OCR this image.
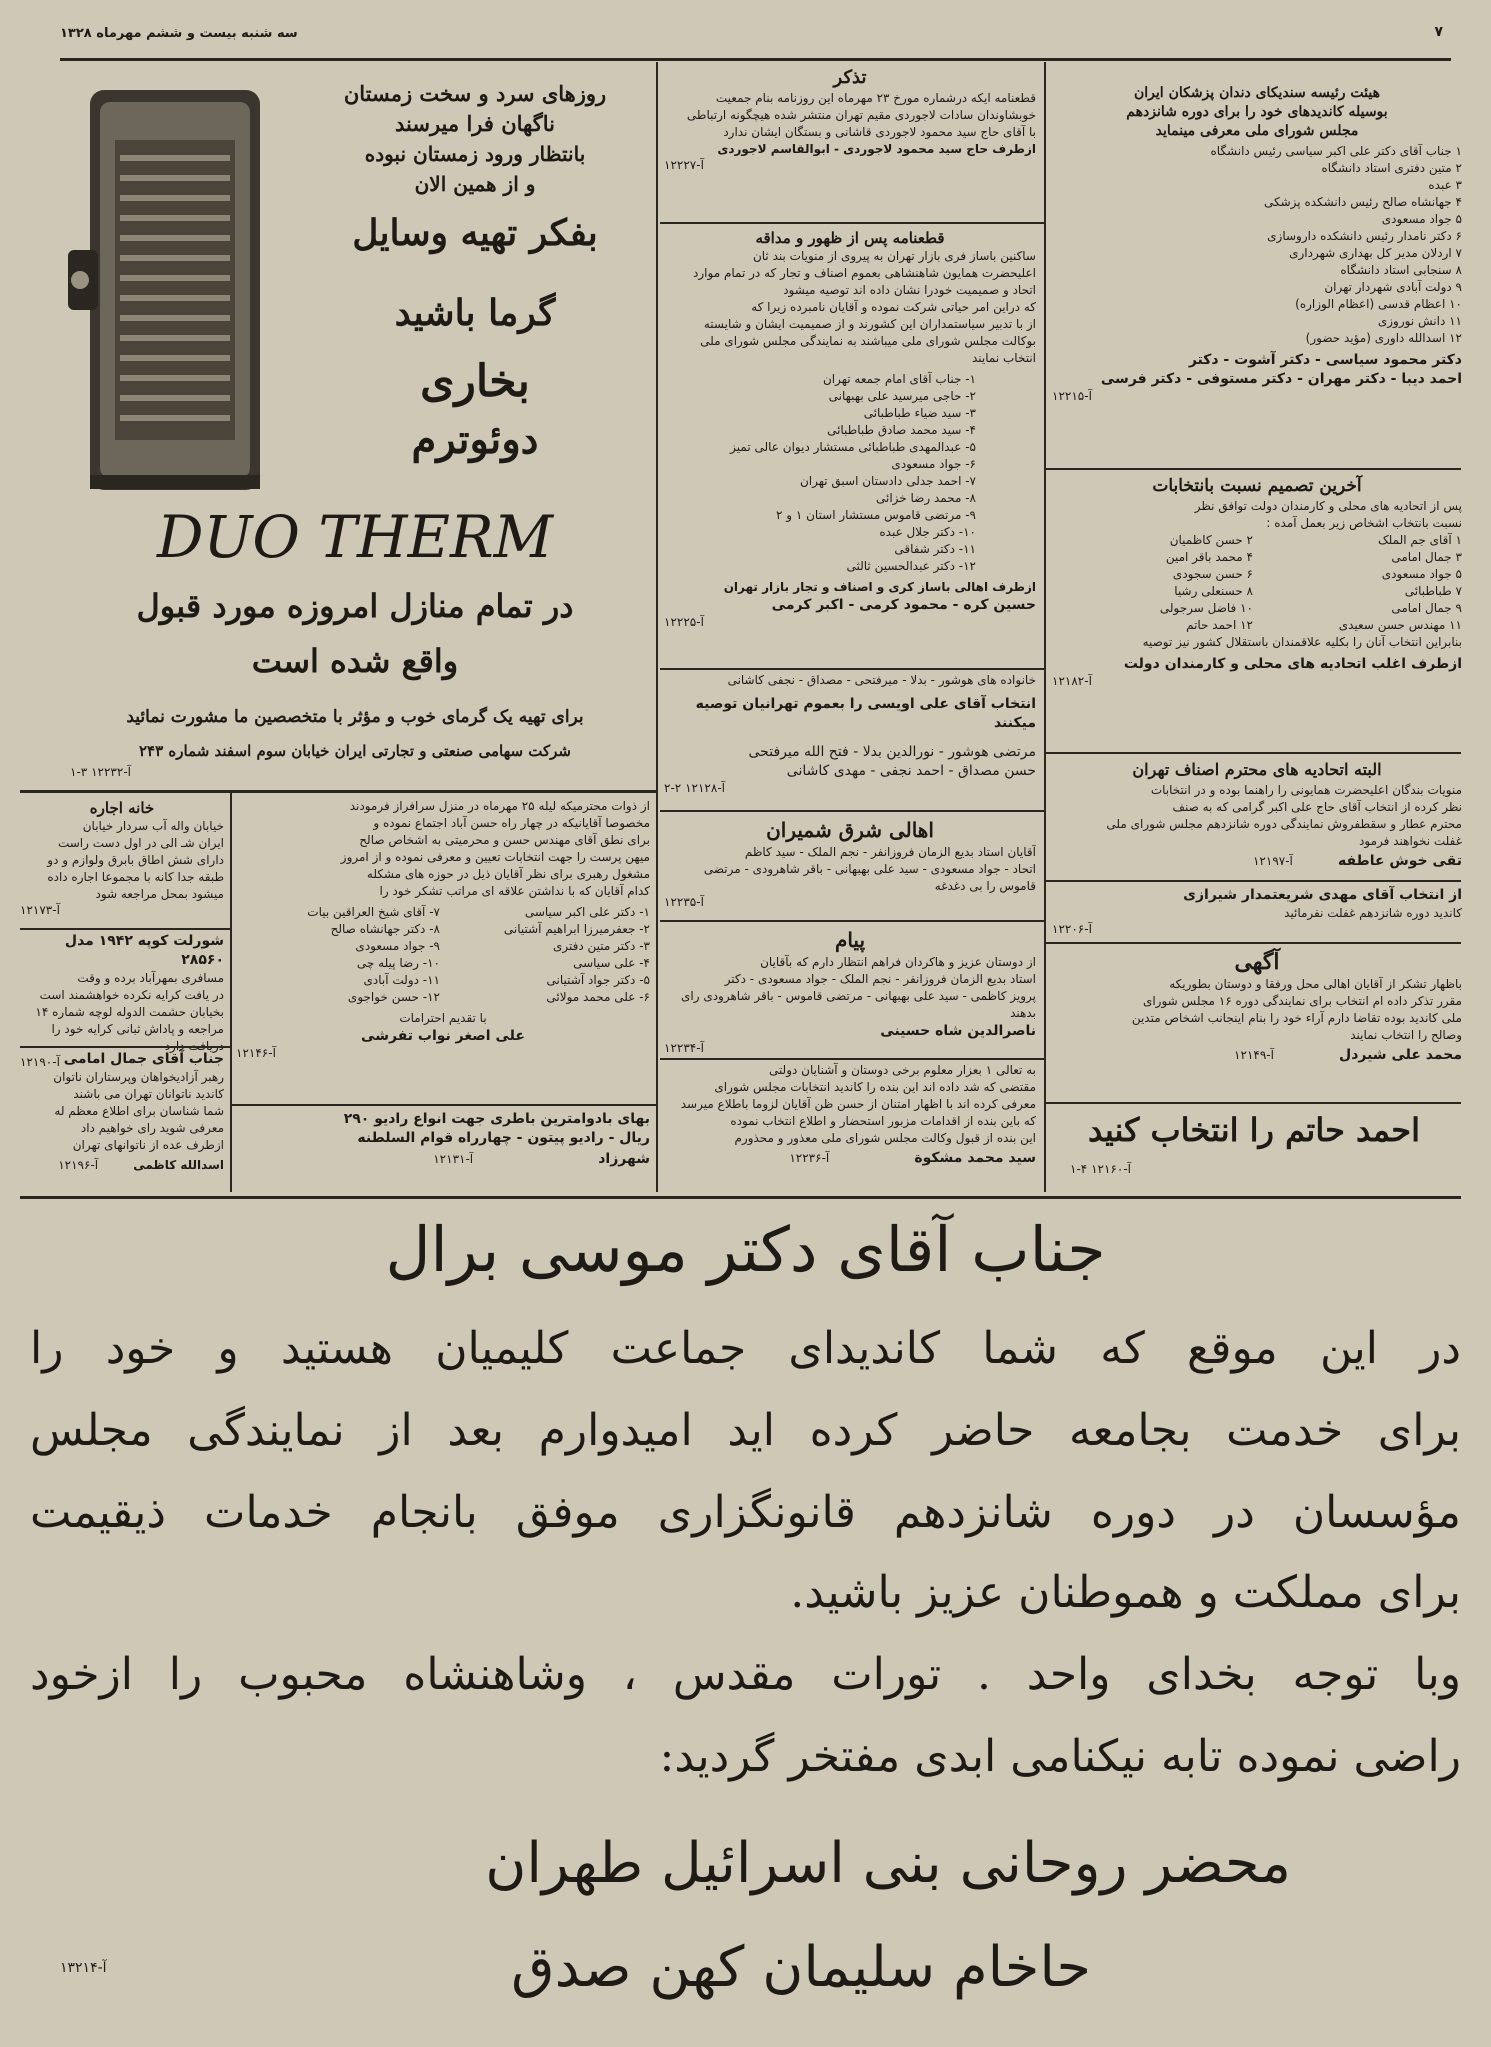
سه شنبه بیست و ششم مهرماه ۱۳۲۸	۷
روزهای سرد و سخت زمستان
ناگهان فرا میرسند
بانتظار ورود زمستان نبوده
و از همین الان
بفکر تهیه وسایل
گرما باشید
بخاری
دوئوترم
DUO THERM
در تمام منازل امروزه مورد قبول
واقع شده است
برای تهیه یک گرمای خوب و مؤثر با متخصصین ما مشورت نمائید
شرکت سهامی صنعتی و تجارتی ایران خیابان سوم اسفند شماره ۲۴۳
آ-۱۲۲۳۲ ۳-۱
تذکر
قطعنامه ایکه درشماره مورخ ۲۳ مهرماه این روزنامه بنام جمعیت
خوبشاوندان سادات لاجوردی مقیم تهران منتشر شده هیچگونه ارتباطی
با آقای حاج سید محمود لاجوردی قاشانی و بستگان ایشان ندارد
ازطرف حاج سید محمود لاجوردی - ابوالقاسم لاجوردی
آ-۱۲۲۲۷
قطعنامه پس از ظهور و مداقه
ساکنین باساز فری بازار تهران به پیروی از منویات بند ثان
اعلیحضرت همایون شاهنشاهی بعموم اصناف و تجار که در تمام موارد
اتحاد و صمیمیت خودرا نشان داده اند توصیه میشود
که دراین امر حیاتی شرکت نموده و آقایان نامبرده زیرا که
از با تدبیر سیاستمداران این کشورند و از صمیمیت ایشان و شایسته
بوکالت مجلس شورای ملی میباشند به نمایندگی مجلس شورای ملی
انتخاب نمایند
۱- جناب آقای امام جمعه تهران
۲- حاجی میرسید علی بهبهانی
۳- سید ضیاء طباطبائی
۴- سید محمد صادق طباطبائی
۵- عبدالمهدی طباطبائی مستشار دیوان عالی تمیز
۶- جواد مسعودی
۷- احمد جدلی دادستان اسبق تهران
۸- محمد رضا خزائی
۹- مرتضی قاموس مستشار استان ۱ و ۲
۱۰- دکتر جلال عبده
۱۱- دکتر شفاقی
۱۲- دکتر عبدالحسین ثالثی
ازطرف اهالی باساز کری و اصناف و تجار بازار تهران
حسین کره - محمود کرمی - اکبر کرمی
آ-۱۲۲۲۵
خانواده های هوشور - بدلا - میرفتحی - مصداق - نجفی کاشانی
انتخاب آقای علی اویسی را بعموم تهرانیان توصیه میکنند
مرتضی هوشور - نورالدین بدلا - فتح الله میرفتحی
حسن مصداق - احمد نجفی - مهدی کاشانی
آ-۱۲۱۲۸ ۲-۲
اهالی شرق شمیران
آقایان استاد بدیع الزمان فروزانفر - نجم الملک - سید کاظم
اتحاد - جواد مسعودی - سید علی بهبهانی - باقر شاهرودی - مرتضی
قاموس را بی دغدغه
آ-۱۲۲۳۵
پیام
از دوستان عزیز و هاکردان فراهم انتظار دارم که بآقایان
استاد بدیع الزمان فروزانفر - نجم الملک - جواد مسعودی - دکتر
پرویز کاظمی - سید علی بهبهانی - مرتضی قاموس - باقر شاهرودی رای
بدهند
ناصرالدین شاه حسینی
آ-۱۲۲۳۴
به تعالی ۱ بعزار معلوم برخی دوستان و آشنایان دولتی
مقتضی که شد داده اند این بنده را کاندید انتخابات مجلس شورای
معرفی کرده اند با اظهار امتنان از حسن ظن آقایان لزوما باطلاع میرسد
که باین بنده از اقدامات مزبور استحضار و اطلاع انتخاب نموده
این بنده از قبول وکالت مجلس شورای ملی معذور و محذورم
سید محمد مشکوة آ-۱۲۲۳۶
هیئت رئیسه سندیکای دندان پزشکان ایران
بوسیله کاندیدهای خود را برای دوره شانزدهم
مجلس شورای ملی معرفی مینماید
۱ جناب آقای دکتر علی اکبر سیاسی رئیس دانشگاه
۲ متین دفتری استاد دانشگاه
۳ عبده
۴ جهانشاه صالح رئیس دانشکده پزشکی
۵ جواد مسعودی
۶ دکتر نامدار رئیس دانشکده داروسازی
۷ اردلان مدیر کل بهداری شهرداری
۸ سنجابی استاد دانشگاه
۹ دولت آبادی شهردار تهران
۱۰ اعظام قدسی (اعظام الوزاره)
۱۱ دانش نوروزی
۱۲ اسدالله داوری (مؤید حضور)
دکتر محمود سیاسی - دکتر آشوت - دکتر
احمد دیبا - دکتر مهران - دکتر مستوفی - دکتر فرسی
آ-۱۲۲۱۵
آخرین تصمیم نسبت بانتخابات
پس از اتحادیه های محلی و کارمندان دولت توافق نظر
نسبت بانتخاب اشخاص زیر بعمل آمده :
۱ آقای جم الملک
۲ حسن کاظمیان
۳ جمال امامی
۴ محمد باقر امین
۵ جواد مسعودی
۶ حسن سجودی
۷ طباطبائی
۸ حسنعلی رشیا
۹ جمال امامی
۱۰ فاضل سرجولی
۱۱ مهندس حسن سعیدی
۱۲ احمد حاتم
بنابراین انتخاب آنان را بکلیه علاقمندان باستقلال کشور نیز توصیه
ازطرف اغلب اتحادیه های محلی و کارمندان دولت
آ-۱۲۱۸۲
البته اتحادیه های محترم اصناف تهران
منویات بندگان اعلیحضرت همایونی را راهنما بوده و در انتخابات
نظر کرده از انتخاب آقای حاج علی اکبر گرامی که به صنف
محترم عطار و سقطفروش نمایندگی دوره شانزدهم مجلس شورای ملی
غفلت نخواهند فرمود
تقی خوش عاطفه آ-۱۲۱۹۷
از انتخاب آقای مهدی شریعتمدار شیرازی
کاندید دوره شانزدهم غفلت نفرمائید
آ-۱۲۲۰۶
آگهی
باظهار تشکر از آقایان اهالی محل ورفقا و دوستان بطوریکه
مقرر تذکر داده ام انتخاب برای نمایندگی دوره ۱۶ مجلس شورای
ملی کاندید بوده تقاضا دارم آراء خود را بنام اینجانب اشخاص متدین
وصالح را انتخاب نمایند
محمد علی شیردل آ-۱۲۱۴۹
احمد حاتم را انتخاب کنید
آ-۱۲۱۶۰ ۴-۱
خانه اجاره
خیابان واله آب سردار خیابان
ایران شـ الی در اول دست راست
دارای شش اطاق بابرق ولوازم و دو
طبقه جدا کانه با مجموعا اجاره داده
میشود بمحل مراجعه شود
آ-۱۲۱۷۳
شورلت کوپه ۱۹۴۲ مدل ۲۸۵۶۰
مسافری بمهرآباد برده و وقت
در یافت کرایه نکرده خواهشمند است
بخیابان حشمت الدوله لوچه شماره ۱۴
مراجعه و پاداش ثبانی کرایه خود را
آ-۱۲۱۹۰ جناب آقای جمال امامی
رهبر آزادیخواهان وپرستاران ناتوان
کاندید ناتوانان تهران می باشند
شما شناسان برای اطلاع معظم له
معرفی شوید رای خواهیم داد
ازطرف عده از ناتوانهای تهران
اسدالله کاظمی آ-۱۲۱۹۶
از ذوات محترمیکه لیله ۲۵ مهرماه در منزل سرافراز فرمودند
مخصوصا آقایانیکه در چهار راه حسن آباد اجتماع نموده و
برای نطق آقای مهندس حسن و محرمیتی به اشخاص صالح
میهن پرست را جهت انتخابات تعیین و معرفی نموده و از امروز
مشغول رهبری برای نظر آقایان ذیل در حوزه های مشکله
کدام آقایان که با نداشتن علاقه ای مراتب تشکر خود را
۱- دکتر علی اکبر سیاسی
۷- آقای شیخ العراقین بیات
۲- جعفرمیرزا ابراهیم آشتیانی
۸- دکتر جهانشاه صالح
۳- دکتر متین دفتری
۹- جواد مسعودی
۴- علی سیاسی
۱۰- رضا پیله چی
۵- دکتر جواد آشتیانی
۱۱- دولت آبادی
۶- علی محمد مولائی
۱۲- حسن خواجوی
با تقدیم احترامات
علی اصغر نواب تفرشی
آ-۱۲۱۴۶
بهای بادوامترین باطری جهت انواع رادیو ۲۹۰
ریال - رادیو پیتون - چهارراه قوام السلطنه
شهرزاد آ-۱۲۱۳۱
جناب آقای دکتر موسی برال
در این موقع که شما کاندیدای جماعت کلیمیان هستید و خود را
برای خدمت بجامعه حاضر کرده اید امیدوارم بعد از نمایندگی مجلس
مؤسسان در دوره شانزدهم قانونگزاری موفق بانجام خدمات ذیقیمت
برای مملکت و هموطنان عزیز باشید.
وبا توجه بخدای واحد . تورات مقدس ، وشاهنشاه محبوب را ازخود
راضی نموده تابه نیکنامی ابدی مفتخر گردید:
محضر روحانی بنی اسرائیل طهران
حاخام سلیمان کهن صدق
آ-۱۳۲۱۴
